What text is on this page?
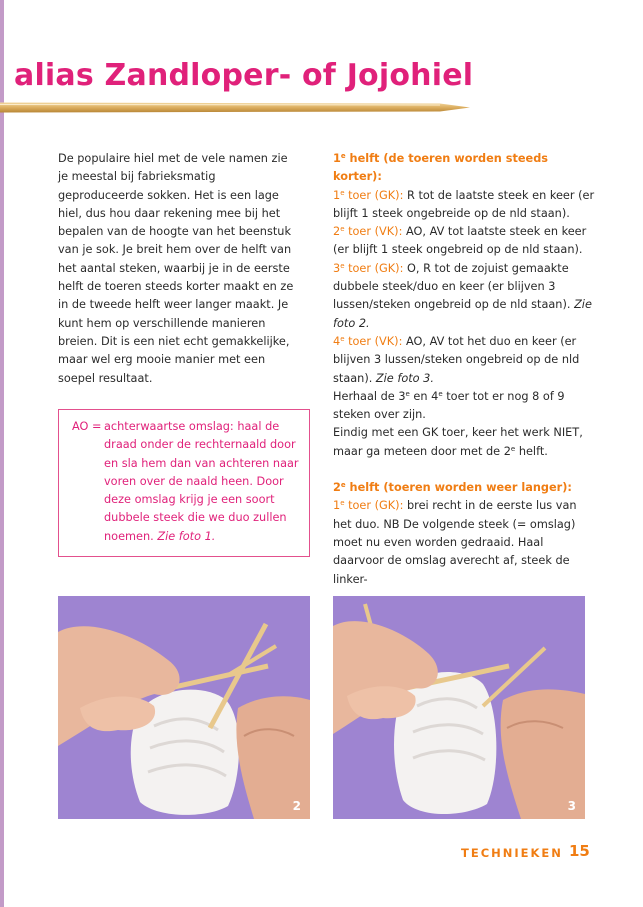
alias Zandloper- of Jojohiel

De populaire hiel met de vele namen zie je meestal bij fabrieksmatig geproduceerde sokken. Het is een lage hiel, dus hou daar rekening mee bij het bepalen van de hoogte van het beenstuk van je sok. Je breit hem over de helft van het aantal steken, waarbij je in de eerste helft de toeren steeds korter maakt en ze in de tweede helft weer langer maakt. Je kunt hem op verschillende manieren breien. Dit is een niet echt gemakkelijke, maar wel erg mooie manier met een soepel resultaat.

AO = achterwaartse omslag: haal de draad onder de rechternaald door en sla hem dan van achteren naar voren over de naald heen. Door deze omslag krijg je een soort dubbele steek die we duo zullen noemen. Zie foto 1.
1e helft (de toeren worden steeds korter):
1e toer (GK): R tot de laatste steek en keer (er blijft 1 steek ongebreide op de nld staan).
2e toer (VK): AO, AV tot laatste steek en keer (er blijft 1 steek ongebreid op de nld staan).
3e toer (GK): O, R tot de zojuist gemaakte dubbele steek/duo en keer (er blijven 3 lussen/steken ongebreid op de nld staan). Zie foto 2.
4e toer (VK): AO, AV tot het duo en keer (er blijven 3 lussen/steken ongebreid op de nld staan). Zie foto 3.
Herhaal de 3e en 4e toer tot er nog 8 of 9 steken over zijn.
Eindig met een GK toer, keer het werk NIET, maar ga meteen door met de 2e helft.
2e helft (toeren worden weer langer):
1e toer (GK): brei recht in de eerste lus van het duo. NB De volgende steek (= omslag) moet nu even worden gedraaid. Haal daarvoor de omslag averecht af, steek de linker-
2	3
TECHNIEKEN 15
